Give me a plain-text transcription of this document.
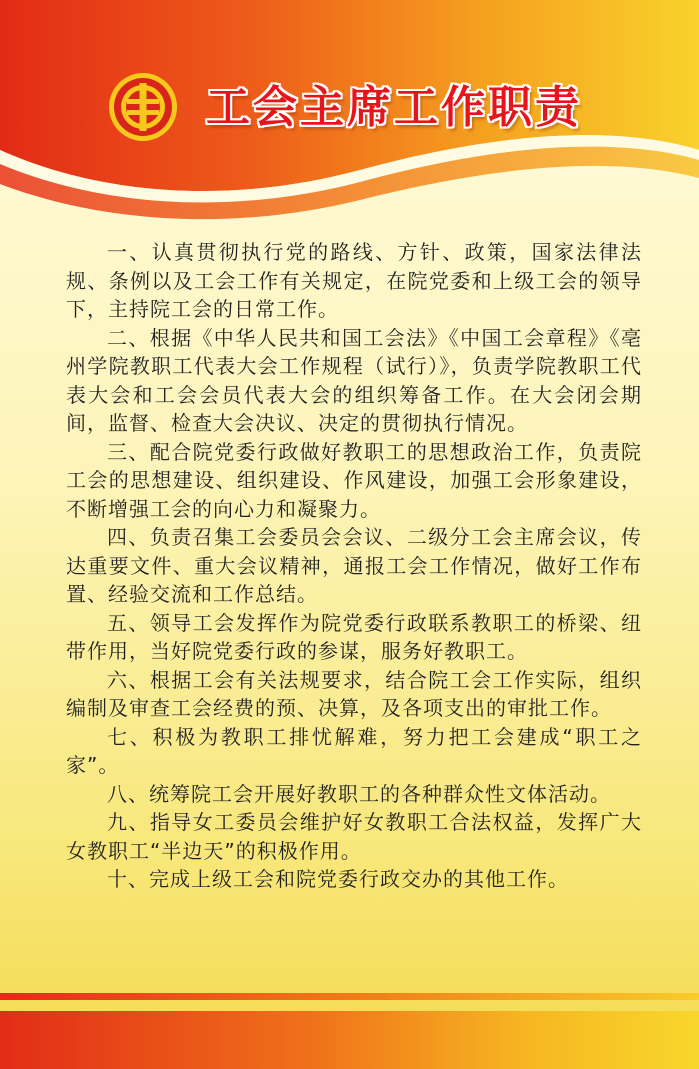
工会主席工作职责

一、认真贯彻执行党的路线、方针、政策，国家法律法规、条例以及工会工作有关规定，在院党委和上级工会的领导下，主持院工会的日常工作。

二、根据《中华人民共和国工会法》《中国工会章程》《亳州学院教职工代表大会工作规程（试行）》，负责学院教职工代表大会和工会会员代表大会的组织筹备工作。在大会闭会期间，监督、检查大会决议、决定的贯彻执行情况。

三、配合院党委行政做好教职工的思想政治工作，负责院工会的思想建设、组织建设、作风建设，加强工会形象建设，不断增强工会的向心力和凝聚力。

四、负责召集工会委员会会议、二级分工会主席会议，传达重要文件、重大会议精神，通报工会工作情况，做好工作布置、经验交流和工作总结。

五、领导工会发挥作为院党委行政联系教职工的桥梁、纽带作用，当好院党委行政的参谋，服务好教职工。

六、根据工会有关法规要求，结合院工会工作实际，组织编制及审查工会经费的预、决算，及各项支出的审批工作。

七、积极为教职工排忧解难，努力把工会建成“职工之家”。

八、统筹院工会开展好教职工的各种群众性文体活动。

九、指导女工委员会维护好女教职工合法权益，发挥广大女教职工“半边天”的积极作用。

十、完成上级工会和院党委行政交办的其他工作。
